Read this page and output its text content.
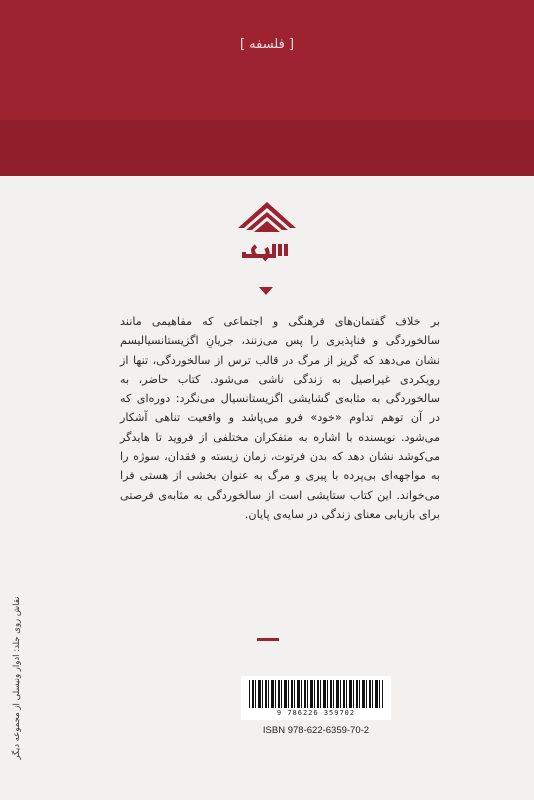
[ فلسفه ]

بر خلاف گفتمان‌های فرهنگی و اجتماعی که مفاهیمی مانند سالخوردگی و فناپذیری را پس می‌زنند، جریانِ اگزیستانسیالیسم نشان می‌دهد که گریز از مرگ در قالب ترس از سالخوردگی، تنها از رویکردی غیراصیل به زندگی ناشی می‌شود. کتاب حاضر، به سالخوردگی به مثابه‌ی گشایشی اگزیستانسیال می‌نگرد: دوره‌ای که در آن توهم تداوم «خود» فرو می‌پاشد و واقعیت تناهی آشکار می‌شود. نویسنده با اشاره به متفکران مختلفی از فروید تا هایدگر می‌کوشد نشان دهد که بدن فرتوت، زمان زیسته و فقدان، سوژه را به مواجهه‌ای بی‌پرده با پیری و مرگ به عنوان بخشی از هستی فرا می‌خواند. این کتاب ستایشی است از سالخوردگی به مثابه‌ی فرصتی برای بازیابی معنای زندگی در سایه‌ی پایان.

9 786226 359702
ISBN 978-622-6359-70-2
نقاش روی جلد: ادوار ونیسلی از مجموعه دیگر
